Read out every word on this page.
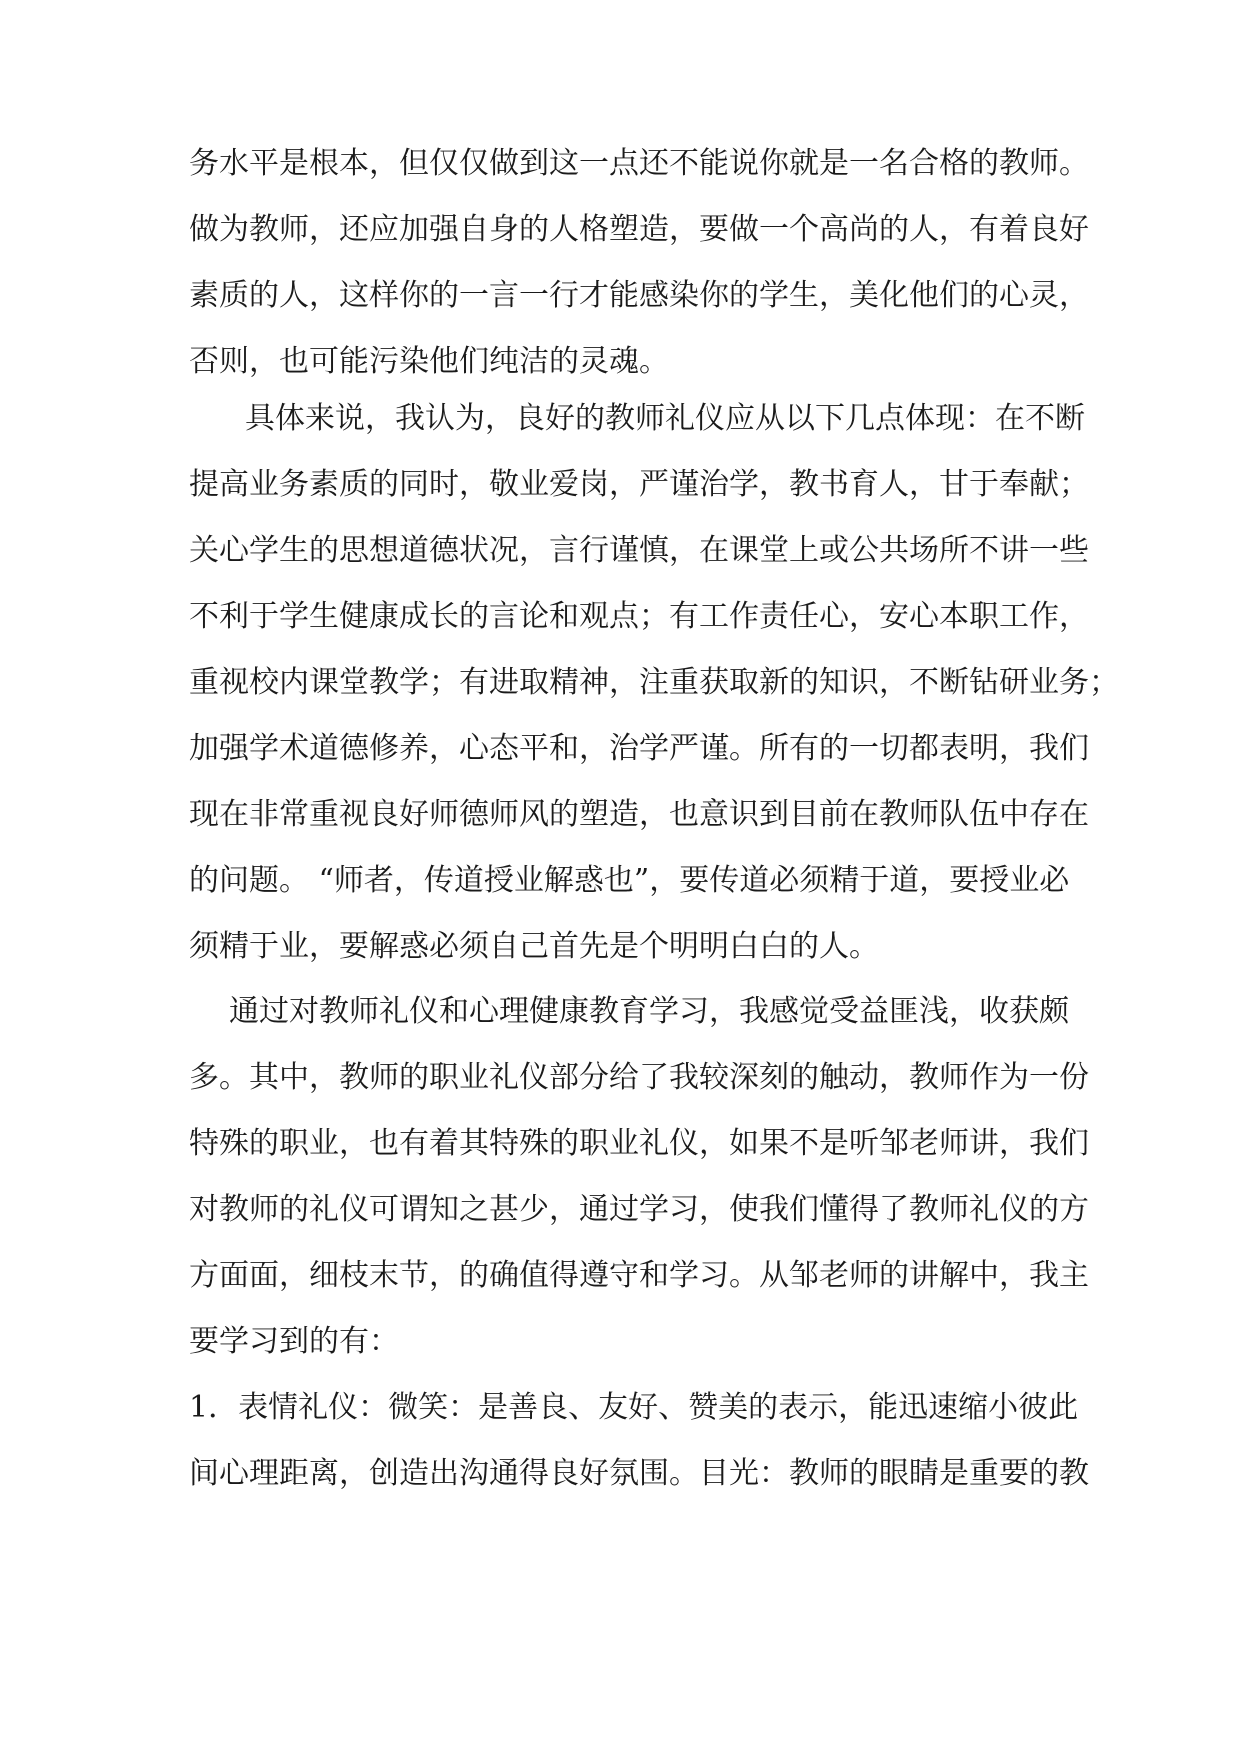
务水平是根本，但仅仅做到这一点还不能说你就是一名合格的教师。
做为教师，还应加强自身的人格塑造，要做一个高尚的人，有着良好
素质的人，这样你的一言一行才能感染你的学生，美化他们的心灵，
否则，也可能污染他们纯洁的灵魂。
具体来说，我认为，良好的教师礼仪应从以下几点体现：在不断
提高业务素质的同时，敬业爱岗，严谨治学，教书育人，甘于奉献；
关心学生的思想道德状况，言行谨慎，在课堂上或公共场所不讲一些
不利于学生健康成长的言论和观点；有工作责任心，安心本职工作，
重视校内课堂教学；有进取精神，注重获取新的知识，不断钻研业务；
加强学术道德修养，心态平和，治学严谨。所有的一切都表明，我们
现在非常重视良好师德师风的塑造，也意识到目前在教师队伍中存在
的问题。 “师者，传道授业解惑也”，要传道必须精于道，要授业必
须精于业，要解惑必须自己首先是个明明白白的人。
通过对教师礼仪和心理健康教育学习，我感觉受益匪浅，收获颇
多。其中，教师的职业礼仪部分给了我较深刻的触动，教师作为一份
特殊的职业，也有着其特殊的职业礼仪，如果不是听邹老师讲，我们
对教师的礼仪可谓知之甚少，通过学习，使我们懂得了教师礼仪的方
方面面，细枝末节，的确值得遵守和学习。从邹老师的讲解中，我主
要学习到的有：
1．表情礼仪：微笑：是善良、友好、赞美的表示，能迅速缩小彼此
间心理距离，创造出沟通得良好氛围。目光：教师的眼睛是重要的教
